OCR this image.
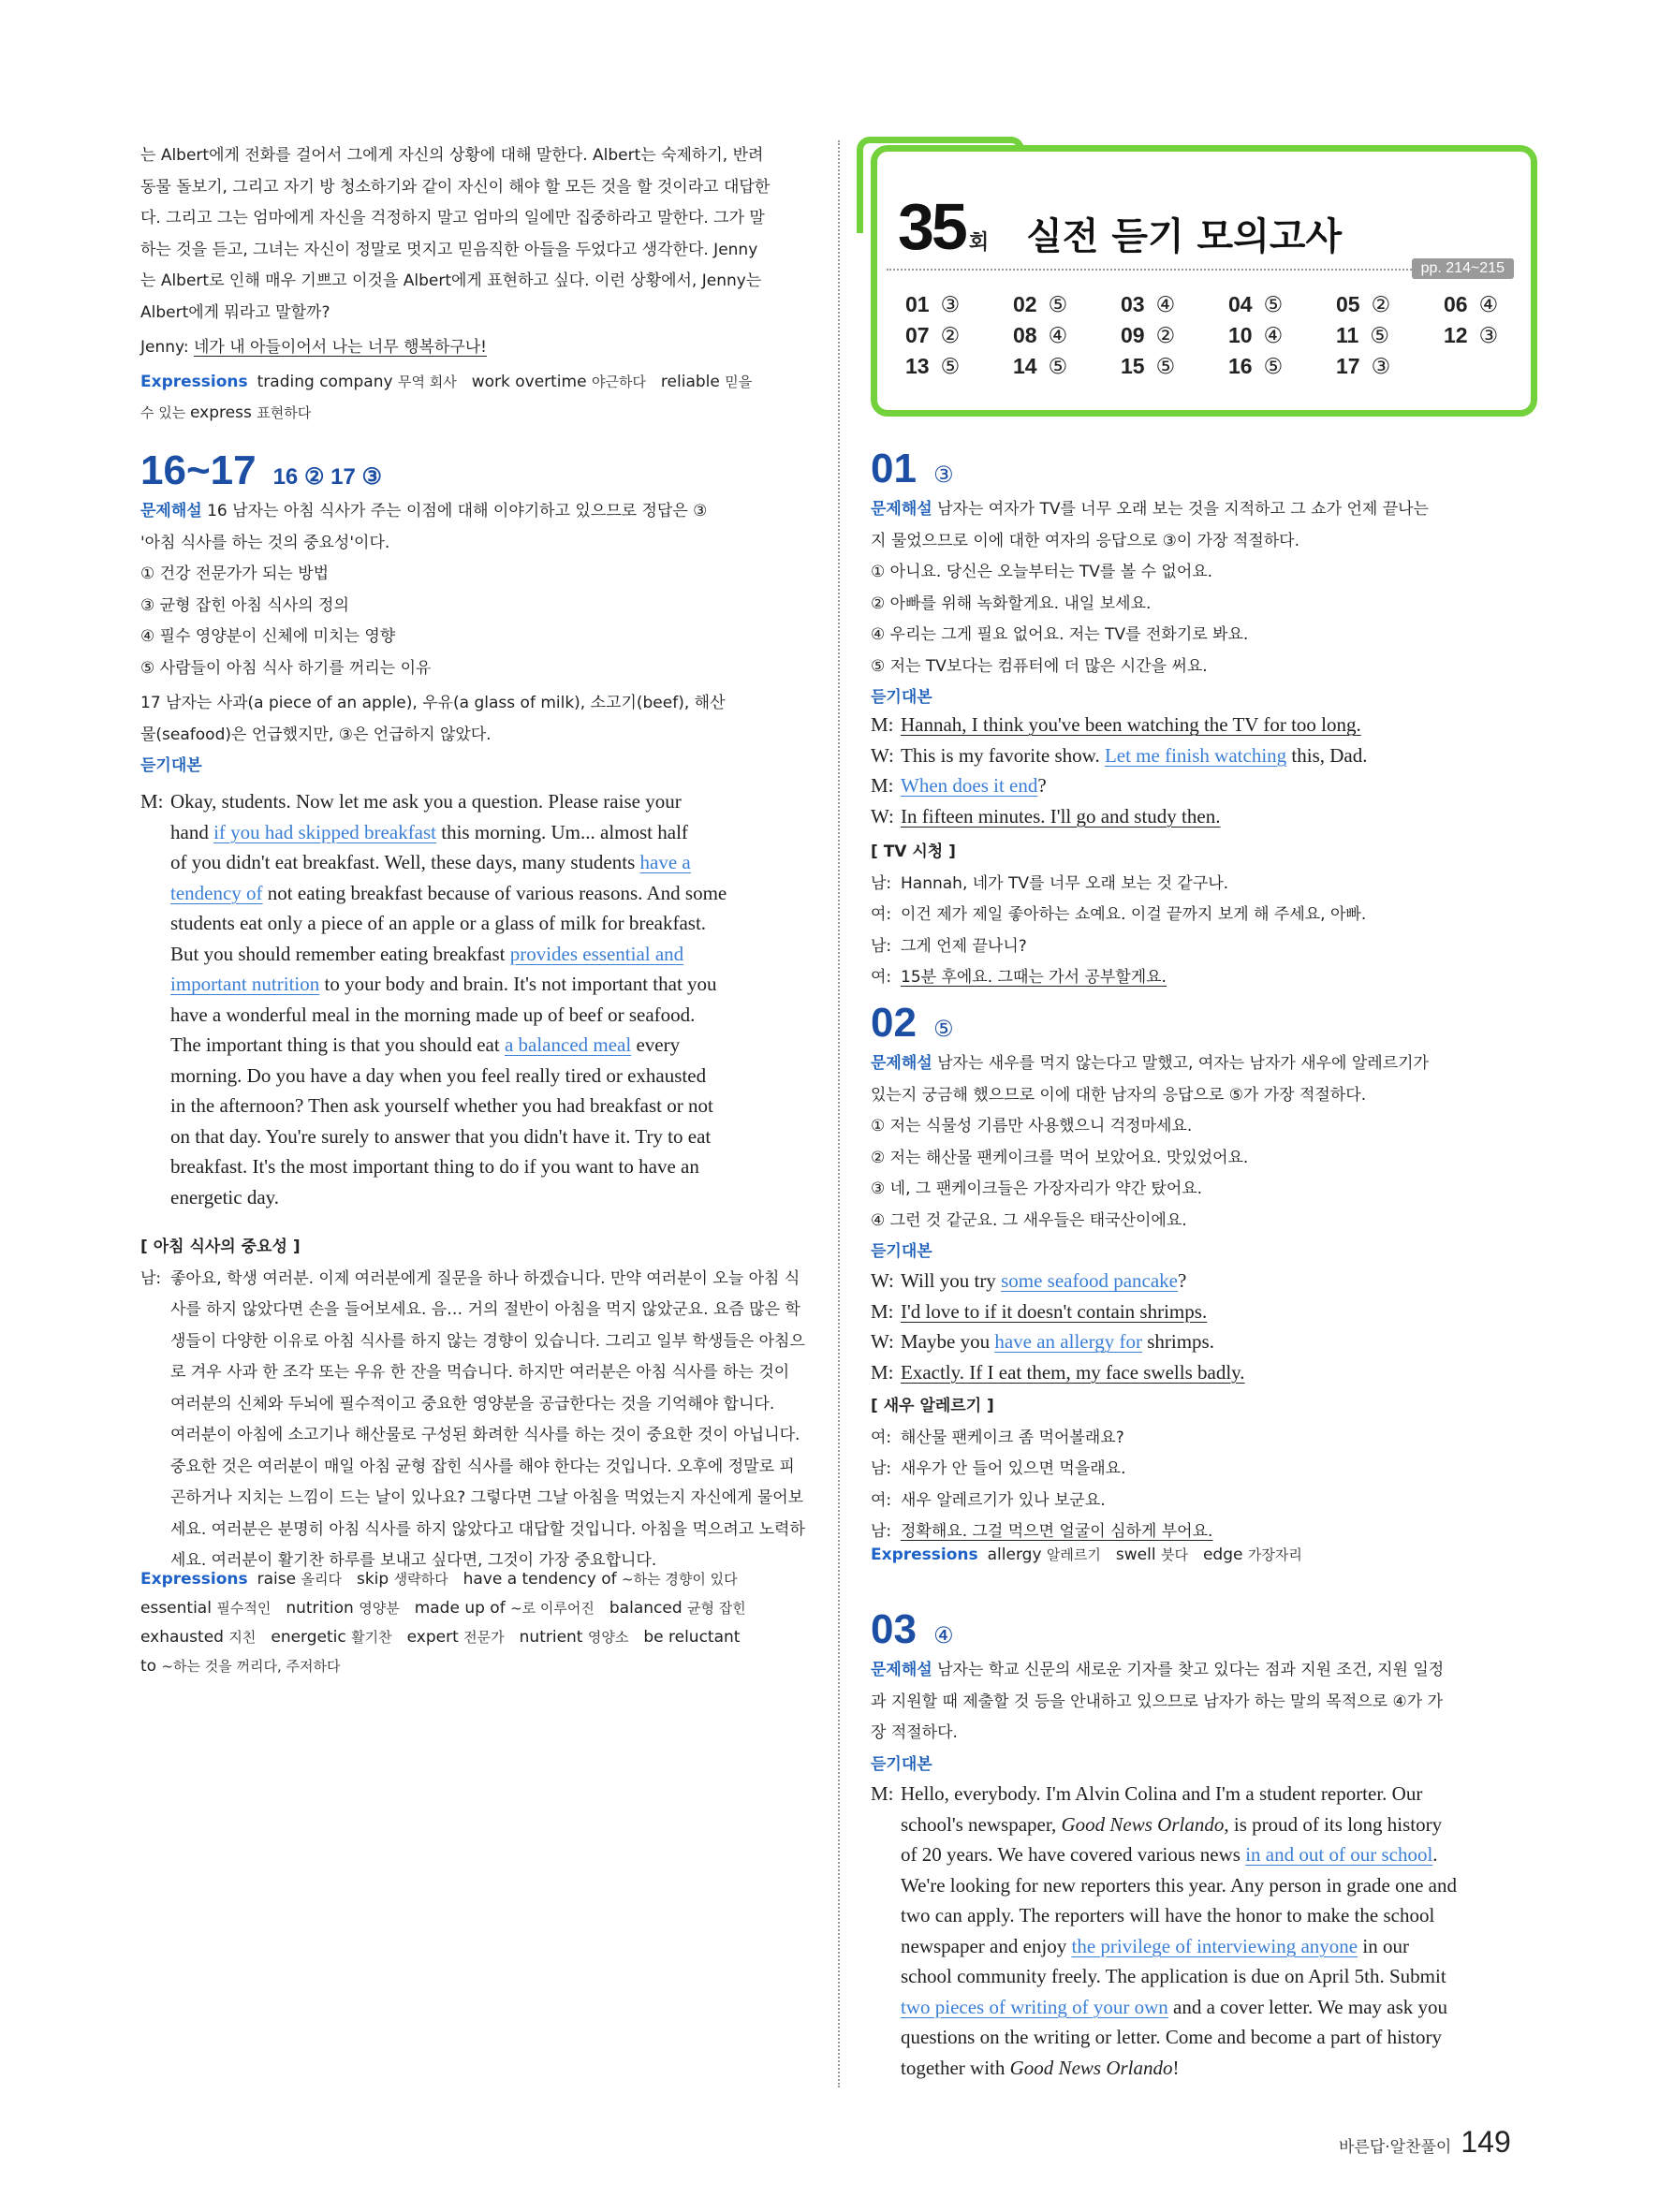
는 Albert에게 전화를 걸어서 그에게 자신의 상황에 대해 말한다. Albert는 숙제하기, 반려
동물 돌보기, 그리고 자기 방 청소하기와 같이 자신이 해야 할 모든 것을 할 것이라고 대답한
다. 그리고 그는 엄마에게 자신을 걱정하지 말고 엄마의 일에만 집중하라고 말한다. 그가 말
하는 것을 듣고, 그녀는 자신이 정말로 멋지고 믿음직한 아들을 두었다고 생각한다. Jenny
는 Albert로 인해 매우 기쁘고 이것을 Albert에게 표현하고 싶다. 이런 상황에서, Jenny는
Albert에게 뭐라고 말할까?
Jenny: 네가 내 아들이어서 나는 너무 행복하구나!
Expressions trading company 무역 회사 work overtime 야근하다 reliable 믿을
수 있는 express 표현하다
16~17 16 ② 17 ③
문제해설 16 남자는 아침 식사가 주는 이점에 대해 이야기하고 있으므로 정답은 ③
'아침 식사를 하는 것의 중요성'이다.
① 건강 전문가가 되는 방법
③ 균형 잡힌 아침 식사의 정의
④ 필수 영양분이 신체에 미치는 영향
⑤ 사람들이 아침 식사 하기를 꺼리는 이유
17 남자는 사과(a piece of an apple), 우유(a glass of milk), 소고기(beef), 해산
물(seafood)은 언급했지만, ③은 언급하지 않았다.
듣기대본
M: Okay, students. Now let me ask you a question. Please raise your
hand if you had skipped breakfast this morning. Um... almost half
of you didn't eat breakfast. Well, these days, many students have a
tendency of not eating breakfast because of various reasons. And some
students eat only a piece of an apple or a glass of milk for breakfast.
But you should remember eating breakfast provides essential and
important nutrition to your body and brain. It's not important that you
have a wonderful meal in the morning made up of beef or seafood.
The important thing is that you should eat a balanced meal every
morning. Do you have a day when you feel really tired or exhausted
in the afternoon? Then ask yourself whether you had breakfast or not
on that day. You're surely to answer that you didn't have it. Try to eat
breakfast. It's the most important thing to do if you want to have an
energetic day.
[ 아침 식사의 중요성 ]
남: 좋아요, 학생 여러분. 이제 여러분에게 질문을 하나 하겠습니다. 만약 여러분이 오늘 아침 식
사를 하지 않았다면 손을 들어보세요. 음… 거의 절반이 아침을 먹지 않았군요. 요즘 많은 학
생들이 다양한 이유로 아침 식사를 하지 않는 경향이 있습니다. 그리고 일부 학생들은 아침으
로 겨우 사과 한 조각 또는 우유 한 잔을 먹습니다. 하지만 여러분은 아침 식사를 하는 것이
여러분의 신체와 두뇌에 필수적이고 중요한 영양분을 공급한다는 것을 기억해야 합니다.
여러분이 아침에 소고기나 해산물로 구성된 화려한 식사를 하는 것이 중요한 것이 아닙니다.
중요한 것은 여러분이 매일 아침 균형 잡힌 식사를 해야 한다는 것입니다. 오후에 정말로 피
곤하거나 지치는 느낌이 드는 날이 있나요? 그렇다면 그날 아침을 먹었는지 자신에게 물어보
세요. 여러분은 분명히 아침 식사를 하지 않았다고 대답할 것입니다. 아침을 먹으려고 노력하
세요. 여러분이 활기찬 하루를 보내고 싶다면, 그것이 가장 중요합니다.
Expressions raise 올리다 skip 생략하다 have a tendency of ~하는 경향이 있다
essential 필수적인 nutrition 영양분 made up of ~로 이루어진 balanced 균형 잡힌
exhausted 지친 energetic 활기찬 expert 전문가 nutrient 영양소 be reluctant
to ~하는 것을 꺼리다, 주저하다
35 회 실전 듣기 모의고사
pp. 214~215
01 ③	02 ⑤	03 ④	04 ⑤	05 ②	06 ④
07 ②	08 ④	09 ②	10 ④	11 ⑤	12 ③
13 ⑤	14 ⑤	15 ⑤	16 ⑤	17 ③
01 ③
문제해설 남자는 여자가 TV를 너무 오래 보는 것을 지적하고 그 쇼가 언제 끝나는
지 물었으므로 이에 대한 여자의 응답으로 ③이 가장 적절하다.
① 아니요. 당신은 오늘부터는 TV를 볼 수 없어요.
② 아빠를 위해 녹화할게요. 내일 보세요.
④ 우리는 그게 필요 없어요. 저는 TV를 전화기로 봐요.
⑤ 저는 TV보다는 컴퓨터에 더 많은 시간을 써요.
듣기대본
M: Hannah, I think you've been watching the TV for too long.
W: This is my favorite show. Let me finish watching this, Dad.
M: When does it end?
W: In fifteen minutes. I'll go and study then.
[ TV 시청 ]
남: Hannah, 네가 TV를 너무 오래 보는 것 같구나.
여: 이건 제가 제일 좋아하는 쇼예요. 이걸 끝까지 보게 해 주세요, 아빠.
남: 그게 언제 끝나니?
여: 15분 후에요. 그때는 가서 공부할게요.
02 ⑤
문제해설 남자는 새우를 먹지 않는다고 말했고, 여자는 남자가 새우에 알레르기가
있는지 궁금해 했으므로 이에 대한 남자의 응답으로 ⑤가 가장 적절하다.
① 저는 식물성 기름만 사용했으니 걱정마세요.
② 저는 해산물 팬케이크를 먹어 보았어요. 맛있었어요.
③ 네, 그 팬케이크들은 가장자리가 약간 탔어요.
④ 그런 것 같군요. 그 새우들은 태국산이에요.
듣기대본
W: Will you try some seafood pancake?
M: I'd love to if it doesn't contain shrimps.
W: Maybe you have an allergy for shrimps.
M: Exactly. If I eat them, my face swells badly.
[ 새우 알레르기 ]
여: 해산물 팬케이크 좀 먹어볼래요?
남: 새우가 안 들어 있으면 먹을래요.
여: 새우 알레르기가 있나 보군요.
남: 정확해요. 그걸 먹으면 얼굴이 심하게 부어요.
Expressions allergy 알레르기 swell 붓다 edge 가장자리
03 ④
문제해설 남자는 학교 신문의 새로운 기자를 찾고 있다는 점과 지원 조건, 지원 일정
과 지원할 때 제출할 것 등을 안내하고 있으므로 남자가 하는 말의 목적으로 ④가 가
장 적절하다.
듣기대본
M: Hello, everybody. I'm Alvin Colina and I'm a student reporter. Our
school's newspaper, Good News Orlando, is proud of its long history
of 20 years. We have covered various news in and out of our school.
We're looking for new reporters this year. Any person in grade one and
two can apply. The reporters will have the honor to make the school
newspaper and enjoy the privilege of interviewing anyone in our
school community freely. The application is due on April 5th. Submit
two pieces of writing of your own and a cover letter. We may ask you
questions on the writing or letter. Come and become a part of history
together with Good News Orlando!
바른답·알찬풀이 149
